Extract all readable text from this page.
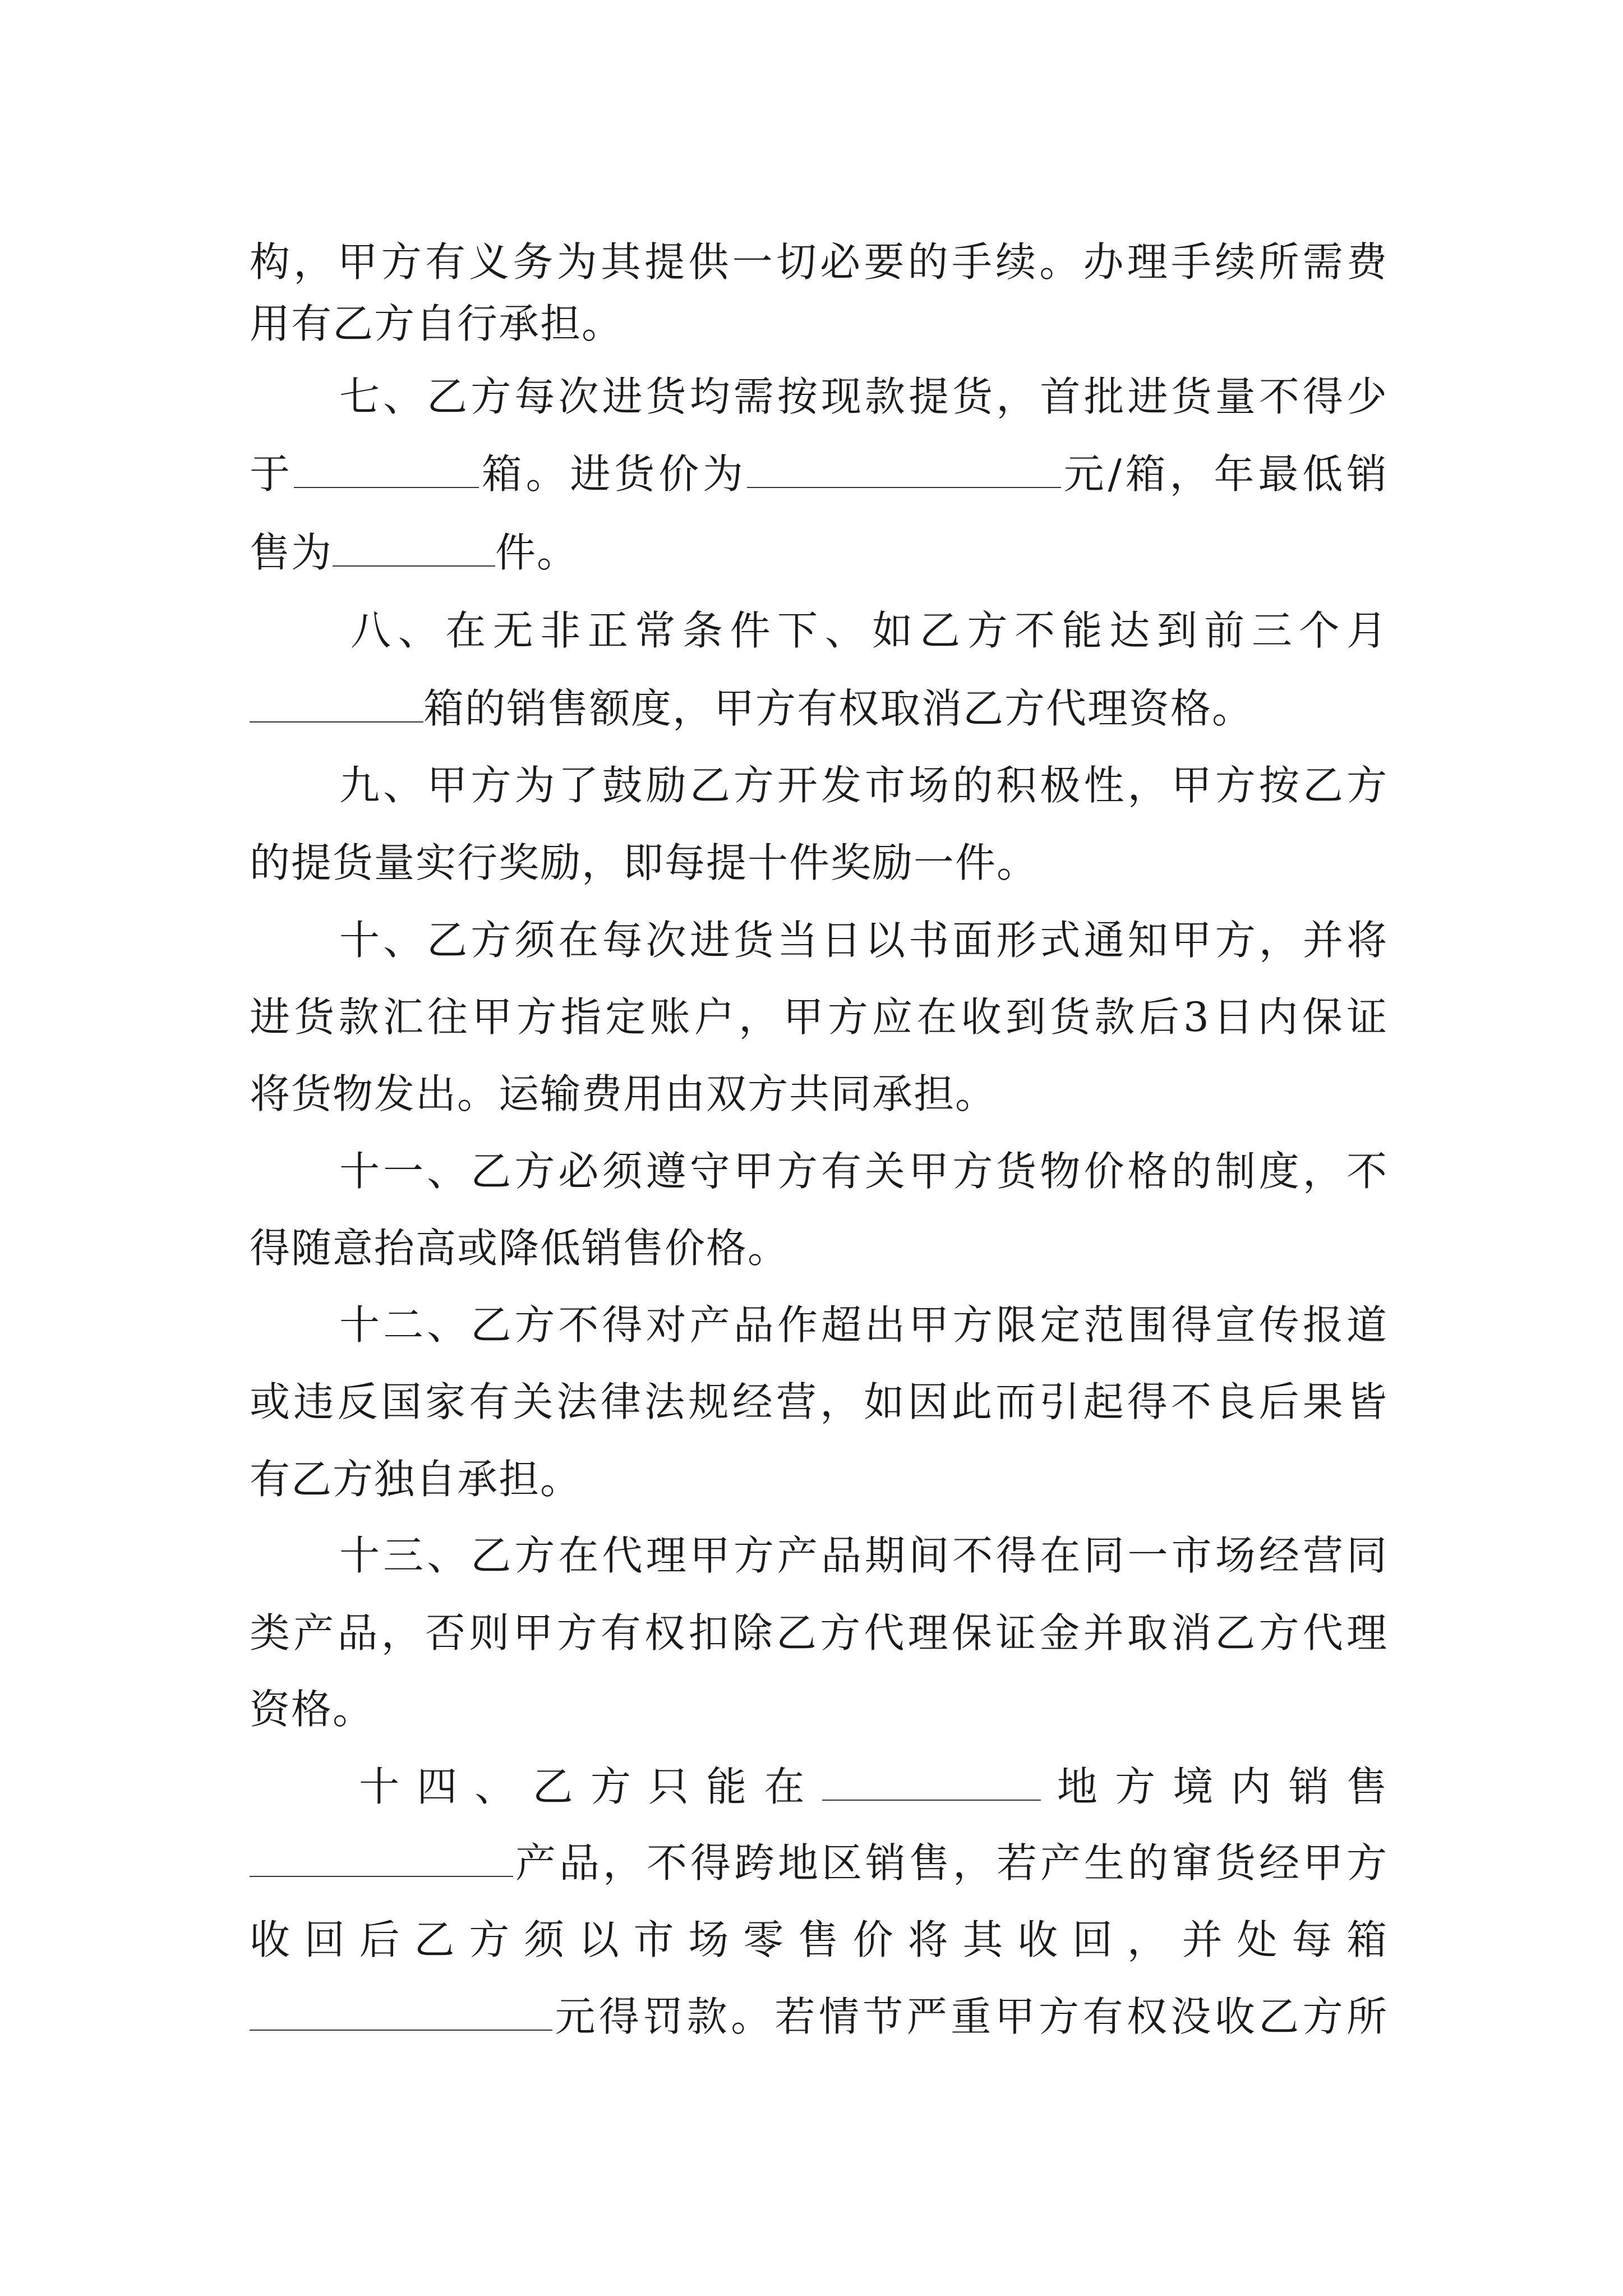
构，甲方有义务为其提供一切必要的手续。办理手续所需费
用有乙方自行承担。
七、乙方每次进货均需按现款提货，首批进货量不得少
于	箱。进货价为	元/箱，年最低销
售为	件。
八、在无非正常条件下、如乙方不能达到前三个月
箱的销售额度，甲方有权取消乙方代理资格。
九、甲方为了鼓励乙方开发市场的积极性，甲方按乙方
的提货量实行奖励，即每提十件奖励一件。
十、乙方须在每次进货当日以书面形式通知甲方，并将
进货款汇往甲方指定账户，甲方应在收到货款后3日内保证
将货物发出。运输费用由双方共同承担。
十一、乙方必须遵守甲方有关甲方货物价格的制度，不
得随意抬高或降低销售价格。
十二、乙方不得对产品作超出甲方限定范围得宣传报道
或违反国家有关法律法规经营，如因此而引起得不良后果皆
有乙方独自承担。
十三、乙方在代理甲方产品期间不得在同一市场经营同
类产品，否则甲方有权扣除乙方代理保证金并取消乙方代理
资格。
十四、乙方只能在	地方境内销售
产品，不得跨地区销售，若产生的窜货经甲方
收回后乙方须以市场零售价将其收回，并处每箱
元得罚款。若情节严重甲方有权没收乙方所
